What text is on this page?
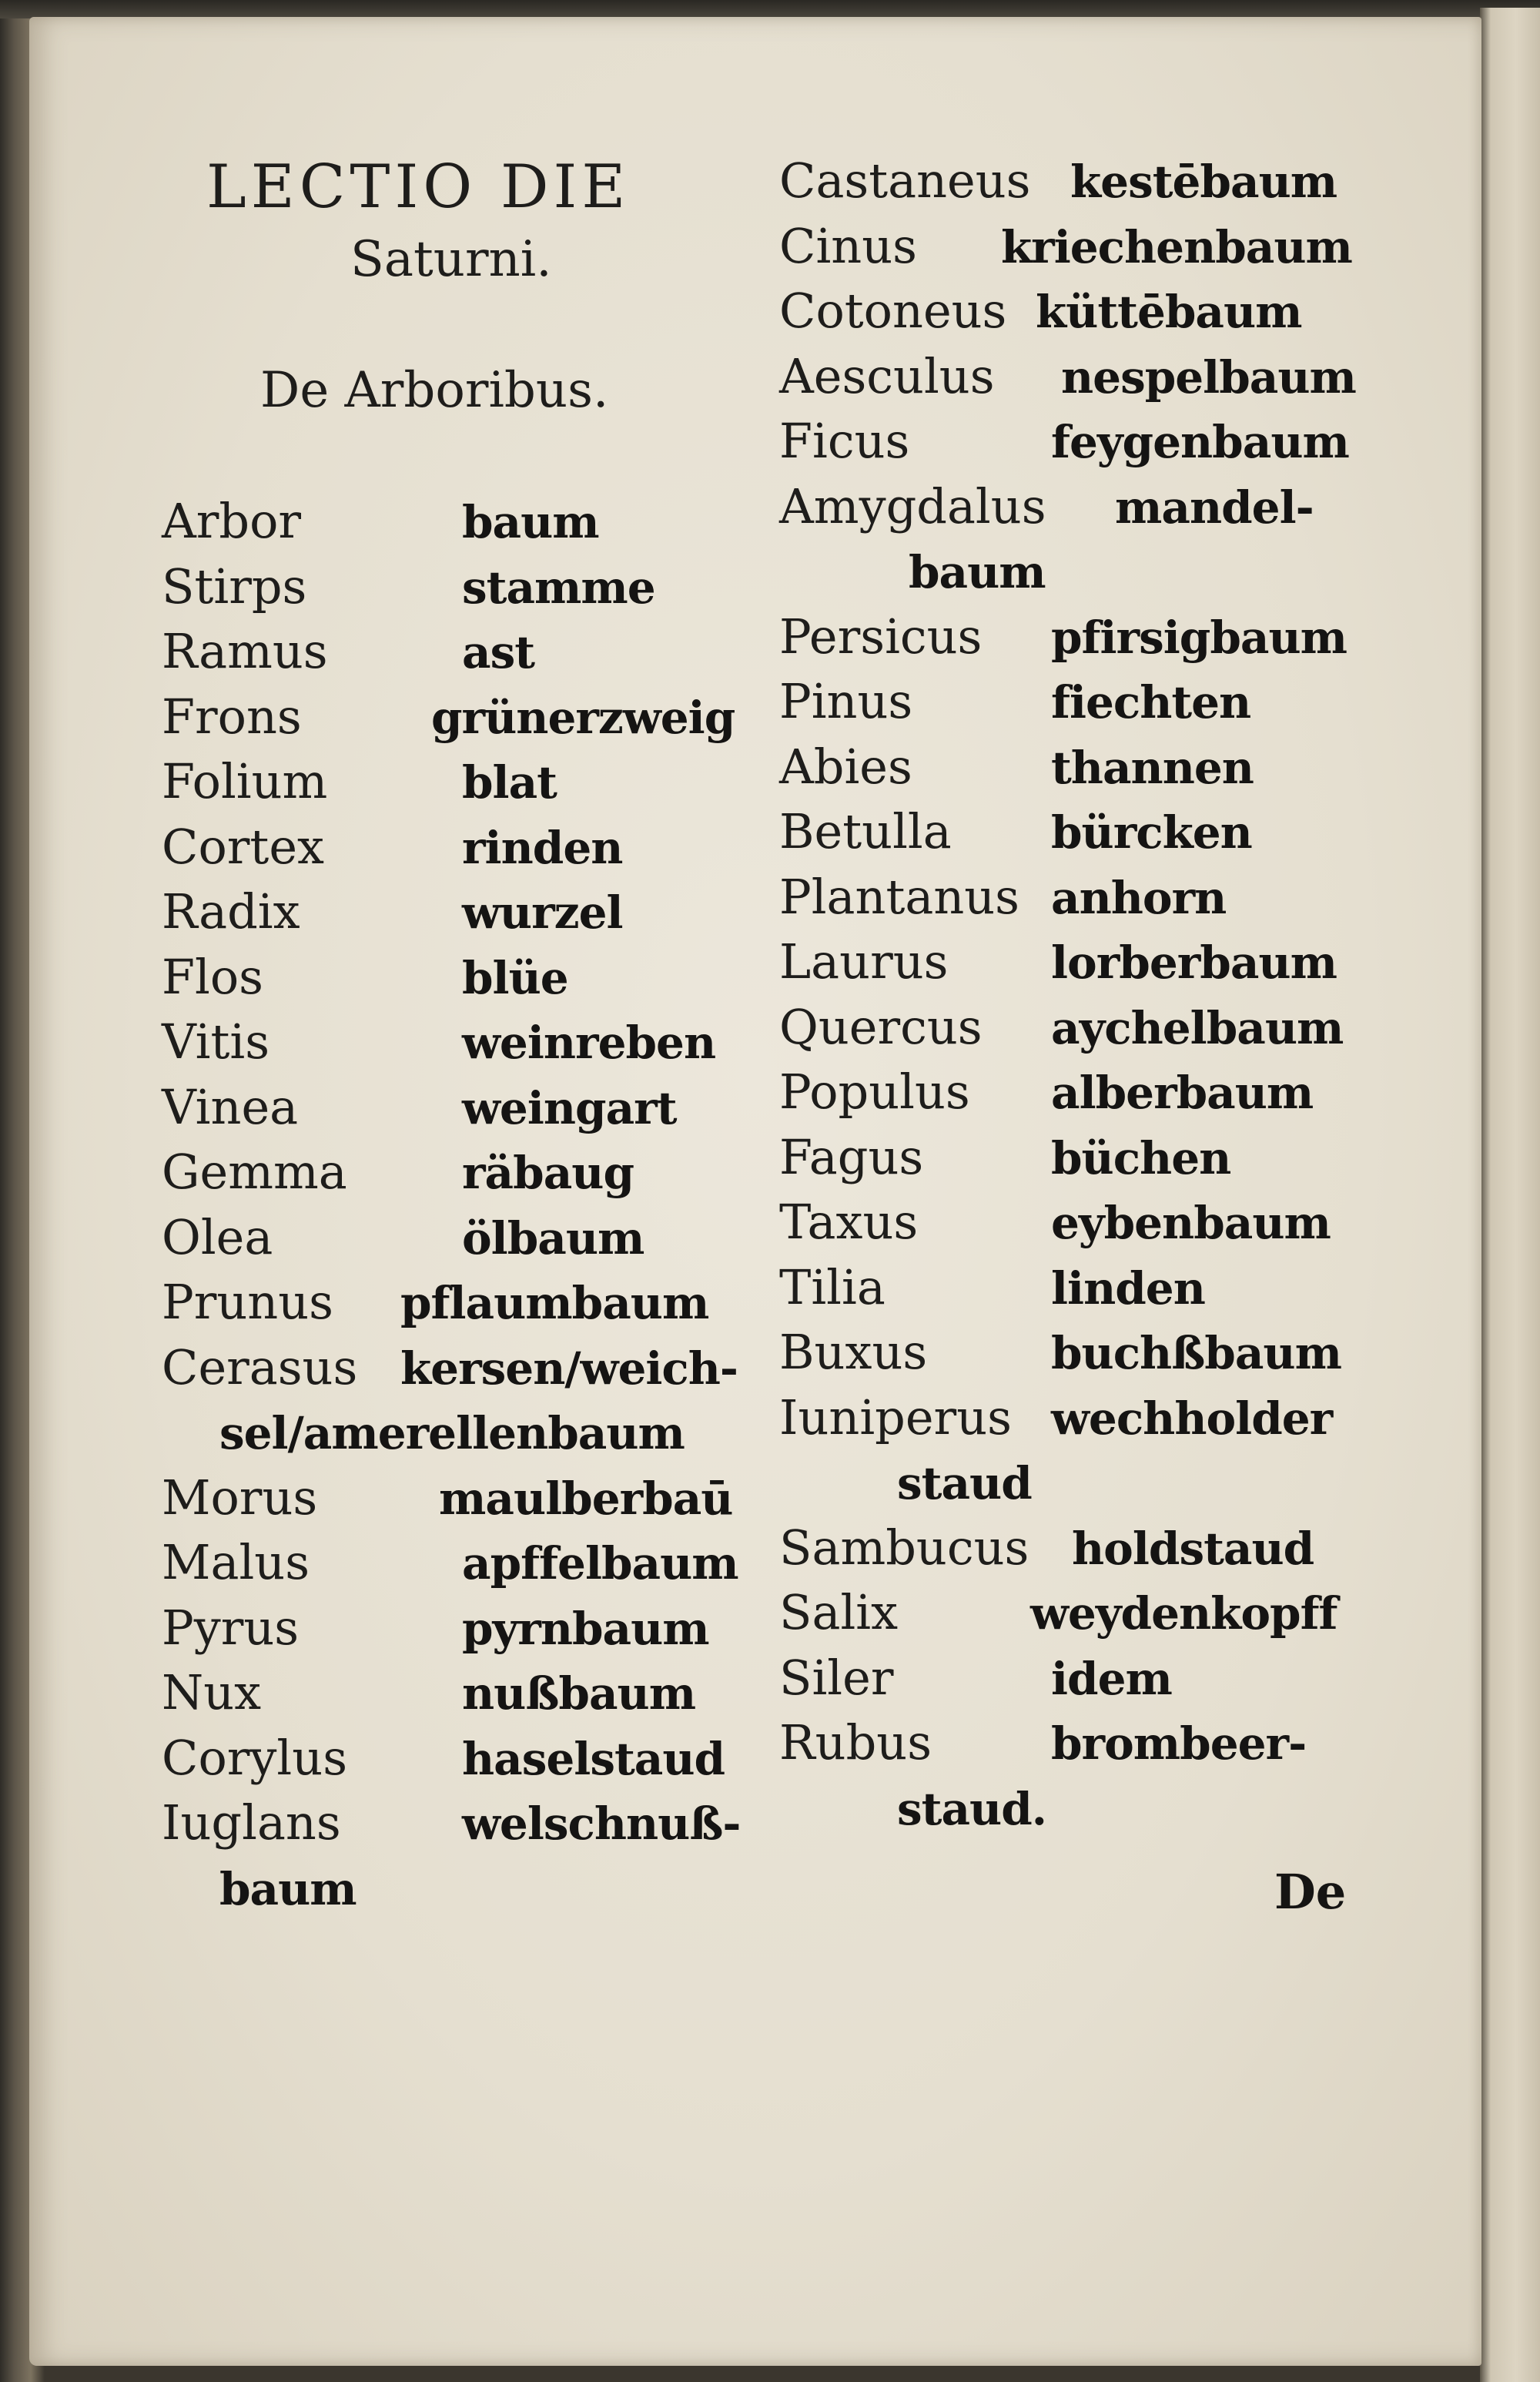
LECTIO DIE
Saturni.
De Arboribus.
Arbor	baum
Stirps	stamme
Ramus	ast
Frons	grünerzweig
Folium	blat
Cortex	rinden
Radix	wurzel
Flos	blüe
Vitis	weinreben
Vinea	weingart
Gemma	räbaug
Olea	ölbaum
Prunus pflaumbaum
Cerasus kersen/weich-
sel/amerellenbaum
Morus	maulberbaū
Malus	apffelbaum
Pyrus	pyrnbaum
Nux	nußbaum
Corylus	haselstaud
Iuglans	welschnuß-
baum
Castaneus kestēbaum
Cinus kriechenbaum
Cotoneus küttēbaum
Aesculus nespelbaum
Ficus	feygenbaum
Amygdalus mandel-
baum
Persicus pfirsigbaum
Pinus	fiechten
Abies	thannen
Betulla bürcken
Plantanus anhorn
Laurus lorberbaum
Quercus aychelbaum
Populus alberbaum
Fagus	büchen
Taxus	eybenbaum
Tilia	linden
Buxus	buchßbaum
Iuniperus wechholder
staud
Sambucus holdstaud
Salix	weydenkopff
Siler	idem
Rubus	brombeer-
staud.
De
